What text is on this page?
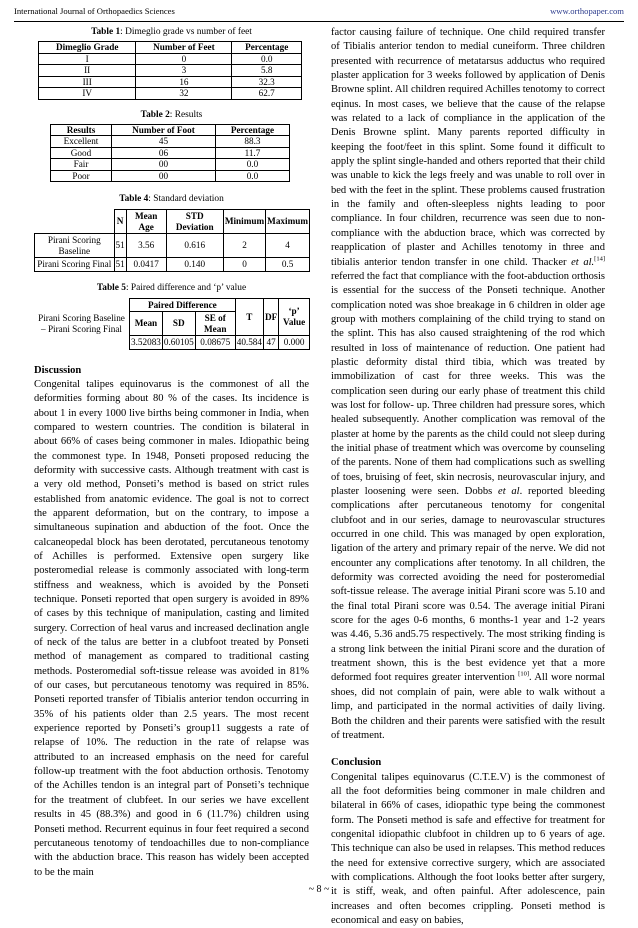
International Journal of Orthopaedics Sciences	www.orthopaper.com

Table 1: Dimeglio grade vs number of feet

Dimeglio Grade	Number of Feet	Percentage
I	0	0.0
II	3	5.8
III	16	32.3
IV	32	62.7

Table 2: Results

Results	Number of Foot	Percentage
Excellent	45	88.3
Good	06	11.7
Fair	00	0.0
Poor	00	0.0

Table 4: Standard deviation

	N	Mean Age	STD Deviation	Minimum	Maximum
Pirani Scoring Baseline	51	3.56	0.616	2	4
Pirani Scoring Final	51	0.0417	0.140	0	0.5

Table 5: Paired difference and ‘p’ value

Pirani Scoring Baseline – Pirani Scoring Final	Paired Difference			T	DF	‘p’ Value
	Mean	SD	SE of Mean			
	3.52083	0.60105	0.08675	40.584	47	0.000

Discussion

Congenital talipes equinovarus is the commonest of all the deformities forming about 80 % of the cases. Its incidence is about 1 in every 1000 live births being commoner in India, when compared to western countries. The condition is bilateral in about 66% of cases being commoner in males. Idiopathic being the commonest type. In 1948, Ponseti proposed reducing the deformity with successive casts. Although treatment with cast is a very old method, Ponseti’s method is based on strict rules established from anatomic evidence. The goal is not to correct the apparent deformation, but on the contrary, to impose a simultaneous supination and abduction of the foot. Once the calcaneopedal block has been derotated, percutaneous tenotomy of Achilles is performed. Extensive open surgery like posteromedial release is commonly associated with long-term stiffness and weakness, which is avoided by the Ponseti technique. Ponseti reported that open surgery is avoided in 89% of cases by this technique of manipulation, casting and limited surgery. Correction of heal varus and increased declination angle of neck of the talus are better in a clubfoot treated by Ponseti method of management as compared to traditional casting methods. Posteromedial soft-tissue release was avoided in 81% of our cases, but percutaneous tenotomy was required in 85%. Ponseti reported transfer of Tibialis anterior tendon occurring in 35% of his patients older than 2.5 years. The most recent experience reported by Ponseti’s group11 suggests a rate of relapse of 10%. The reduction in the rate of relapse was attributed to an increased emphasis on the need for careful follow-up treatment with the foot abduction orthosis. Tenotomy of the Achilles tendon is an integral part of Ponseti’s technique for the treatment of clubfeet. In our series we have excellent results in 45 (88.3%) and good in 6 (11.7%) children using Ponseti method. Recurrent equinus in four feet required a second percutaneous tenotomy of tendoachilles due to non-compliance with the abduction brace. This reason has widely been accepted to be the main

factor causing failure of technique. One child required transfer of Tibialis anterior tendon to medial cuneiform. Three children presented with recurrence of metatarsus adductus who required plaster application for 3 weeks followed by application of Denis Browne splint. All children required Achilles tenotomy to correct eqinus. In most cases, we believe that the cause of the relapse was related to a lack of compliance in the application of the Denis Browne splint. Many parents reported difficulty in keeping the foot/feet in this splint. Some found it difficult to apply the splint single-handed and others reported that their child was unable to kick the legs freely and was unable to roll over in bed with the feet in the splint. These problems caused frustration in the family and often-sleepless nights leading to poor compliance. In four children, recurrence was seen due to non-compliance with the abduction brace, which was corrected by reapplication of plaster and Achilles tenotomy in three and tibialis anterior tendon transfer in one child. Thacker et al.[14] referred the fact that compliance with the foot-abduction orthosis is essential for the success of the Ponseti technique. Another complication noted was shoe breakage in 6 children in older age group with mothers complaining of the child trying to stand on the splint. This has also caused straightening of the rod which resulted in loss of maintenance of reduction. One patient had plastic deformity distal third tibia, which was treated by immobilization of cast for three weeks. This was the complication seen during our early phase of treatment this child was lost for follow- up. Three children had pressure sores, which healed subsequently. Another complication was removal of the plaster at home by the parents as the child could not sleep during the initial phase of treatment which was overcome by counseling of the parents. None of them had complications such as swelling of toes, bruising of feet, skin necrosis, neurovascular injury, and plaster loosening were seen. Dobbs et al. reported bleeding complications after percutaneous tenotomy for congenital clubfoot and in our series, damage to neurovascular structures occurred in one child. This was managed by open exploration, ligation of the artery and primary repair of the nerve. We did not encounter any complications after tenotomy. In all children, the deformity was corrected avoiding the need for posteromedial soft-tissue release. The average initial Pirani score was 5.10 and the final total Pirani score was 0.54. The average initial Pirani score for the ages 0-6 months, 6 months-1 year and 1-2 years was 4.46, 5.36 and5.75 respectively. The most striking finding is a strong link between the initial Pirani score and the duration of treatment shown, this is the best evidence yet that a more deformed foot requires greater intervention [10]. All wore normal shoes, did not complain of pain, were able to walk without a limp, and participated in the normal activities of daily living. Both the children and their parents were satisfied with the result of treatment.

Conclusion

Congenital talipes equinovarus (C.T.E.V) is the commonest of all the foot deformities being commoner in male children and bilateral in 66% of cases, idiopathic type being the commonest form. The Ponseti method is safe and effective for treatment for congenital idiopathic clubfoot in children up to 6 years of age. This technique can also be used in relapses. This method reduces the need for extensive corrective surgery, which are associated with complications. Although the foot looks better after surgery, it is stiff, weak, and often painful. After adolescence, pain increases and often becomes crippling. Ponseti method is economical and easy on babies,

~ 8 ~
